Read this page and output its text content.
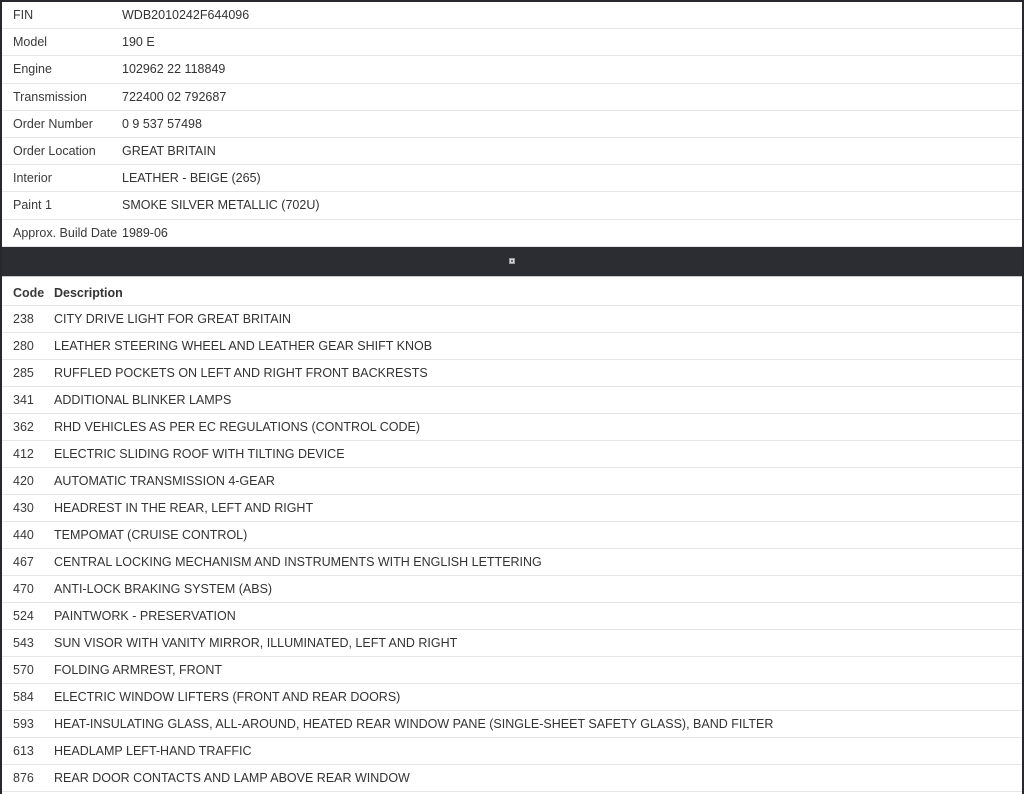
FIN	WDB2010242F644096
Model	190 E
Engine	102962 22 118849
Transmission	722400 02 792687
Order Number	0 9 537 57498
Order Location	GREAT BRITAIN
Interior	LEATHER - BEIGE (265)
Paint 1	SMOKE SILVER METALLIC (702U)
Approx. Build Date 1989-06
Code Description
238	CITY DRIVE LIGHT FOR GREAT BRITAIN
280	LEATHER STEERING WHEEL AND LEATHER GEAR SHIFT KNOB
285	RUFFLED POCKETS ON LEFT AND RIGHT FRONT BACKRESTS
341	ADDITIONAL BLINKER LAMPS
362	RHD VEHICLES AS PER EC REGULATIONS (CONTROL CODE)
412	ELECTRIC SLIDING ROOF WITH TILTING DEVICE
420	AUTOMATIC TRANSMISSION 4-GEAR
430	HEADREST IN THE REAR, LEFT AND RIGHT
440	TEMPOMAT (CRUISE CONTROL)
467	CENTRAL LOCKING MECHANISM AND INSTRUMENTS WITH ENGLISH LETTERING
470	ANTI-LOCK BRAKING SYSTEM (ABS)
524	PAINTWORK - PRESERVATION
543	SUN VISOR WITH VANITY MIRROR, ILLUMINATED, LEFT AND RIGHT
570	FOLDING ARMREST, FRONT
584	ELECTRIC WINDOW LIFTERS (FRONT AND REAR DOORS)
593	HEAT-INSULATING GLASS, ALL-AROUND, HEATED REAR WINDOW PANE (SINGLE-SHEET SAFETY GLASS), BAND FILTER
613	HEADLAMP LEFT-HAND TRAFFIC
876	REAR DOOR CONTACTS AND LAMP ABOVE REAR WINDOW
